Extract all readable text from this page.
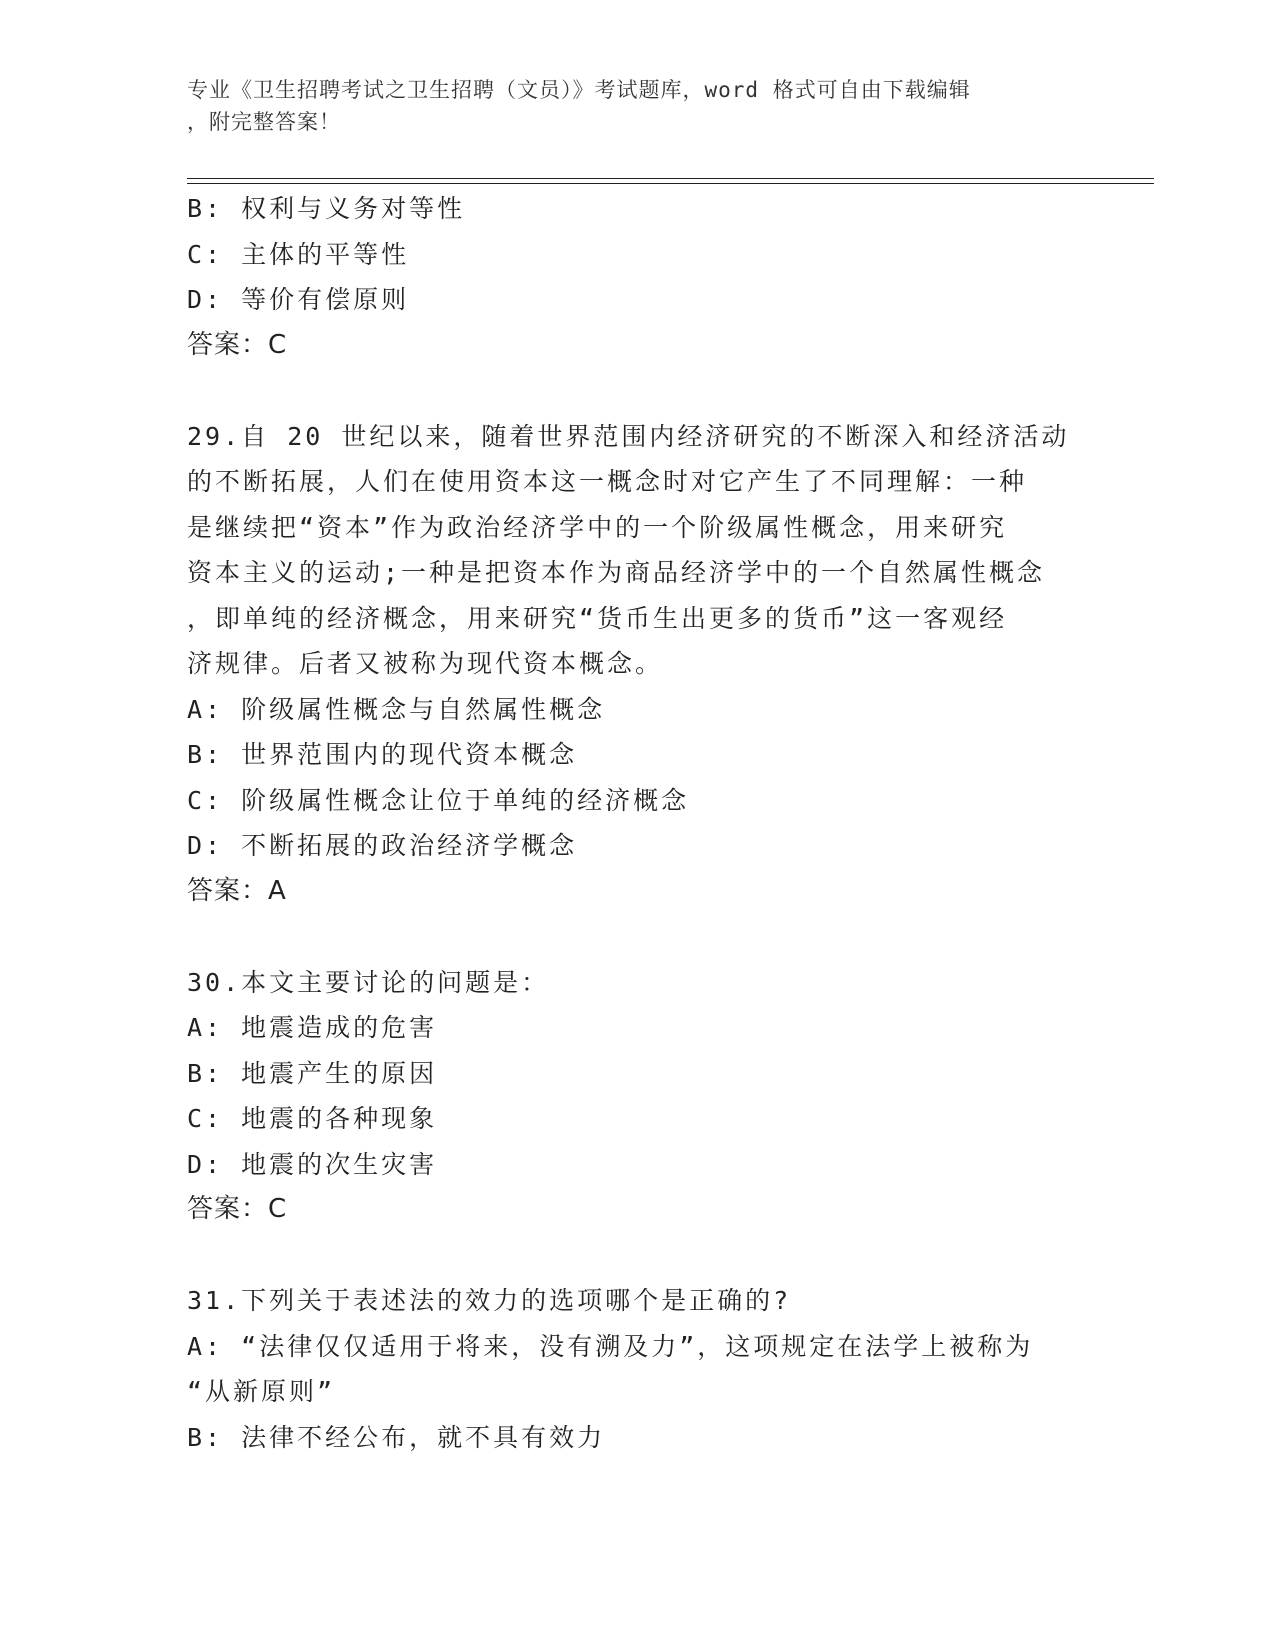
专业《卫生招聘考试之卫生招聘（文员）》考试题库，word 格式可自由下载编辑
，附完整答案！
B: 权利与义务对等性
C: 主体的平等性
D: 等价有偿原则
答案：C
29.自 20 世纪以来，随着世界范围内经济研究的不断深入和经济活动
的不断拓展，人们在使用资本这一概念时对它产生了不同理解：一种
是继续把“资本”作为政治经济学中的一个阶级属性概念，用来研究
资本主义的运动;一种是把资本作为商品经济学中的一个自然属性概念
，即单纯的经济概念，用来研究“货币生出更多的货币”这一客观经
济规律。后者又被称为现代资本概念。
A: 阶级属性概念与自然属性概念
B: 世界范围内的现代资本概念
C: 阶级属性概念让位于单纯的经济概念
D: 不断拓展的政治经济学概念
答案：A
30.本文主要讨论的问题是：
A: 地震造成的危害
B: 地震产生的原因
C: 地震的各种现象
D: 地震的次生灾害
答案：C
31.下列关于表述法的效力的选项哪个是正确的?
A: “法律仅仅适用于将来，没有溯及力”，这项规定在法学上被称为
“从新原则”
B: 法律不经公布，就不具有效力
